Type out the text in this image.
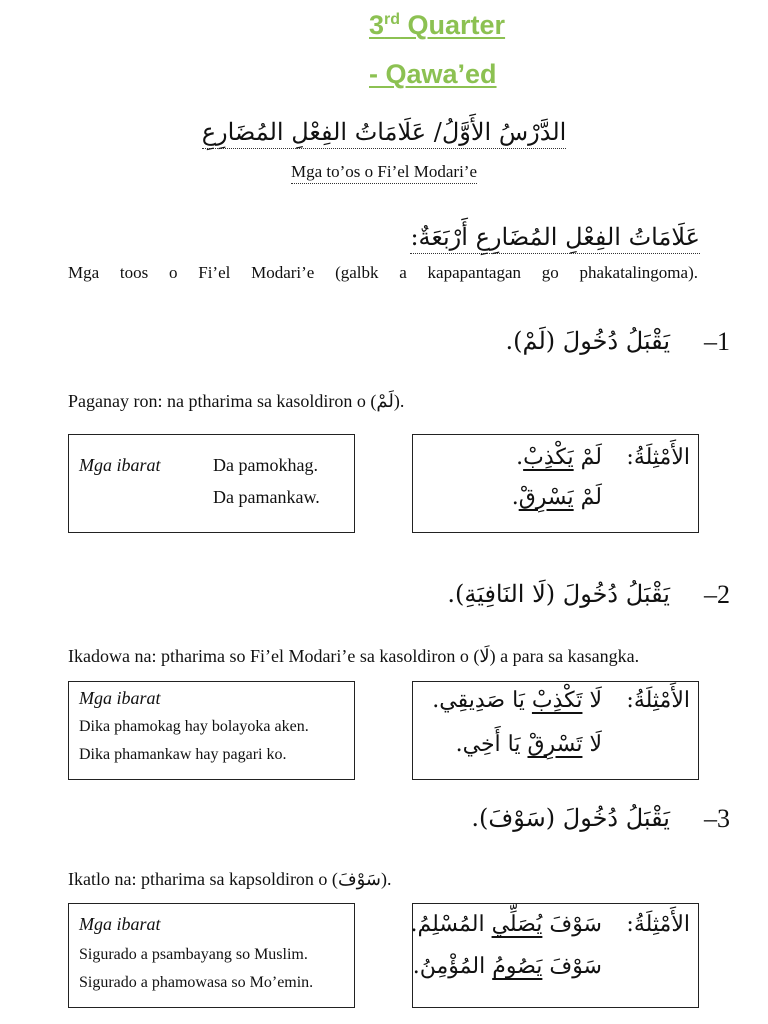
3rd Quarter
- Qawa’ed
الدَّرْسُ الأَوَّلُ/ عَلَامَاتُ الفِعْلِ المُضَارِعِ
Mga to’os o Fi’el Modari’e
عَلَامَاتُ الفِعْلِ المُضَارِعِ أَرْبَعَةٌ:
Mga toos o Fi’el Modari’e (galbk a kapapantagan go phakatalingoma).
–1
يَقْبَلُ دُخُولَ (لَمْ).
Paganay ron: na ptharima sa kasoldiron o (لَمْ).
Mga ibarat	Da pamokhag.
Da pamankaw.
الأَمْثِلَةُ:
لَمْ يَكْذِبْ.
لَمْ يَسْرِقْ.
–2
يَقْبَلُ دُخُولَ (لَا النَافِيَةِ).
Ikadowa na: ptharima so Fi’el Modari’e sa kasoldiron o (لَا) a para sa kasangka.
Mga ibarat
Dika phamokag hay bolayoka aken.
Dika phamankaw hay pagari ko.
الأَمْثِلَةُ:
لَا تَكْذِبْ يَا صَدِيقِي.
لَا تَسْرِقْ يَا أَخِي.
–3
يَقْبَلُ دُخُولَ (سَوْفَ).
Ikatlo na: ptharima sa kapsoldiron o (سَوْفَ).
Mga ibarat
Sigurado a psambayang so Muslim.
Sigurado a phamowasa so Mo’emin.
الأَمْثِلَةُ:
سَوْفَ يُصَلِّي المُسْلِمُ.
سَوْفَ يَصُومُ المُؤْمِنُ.
